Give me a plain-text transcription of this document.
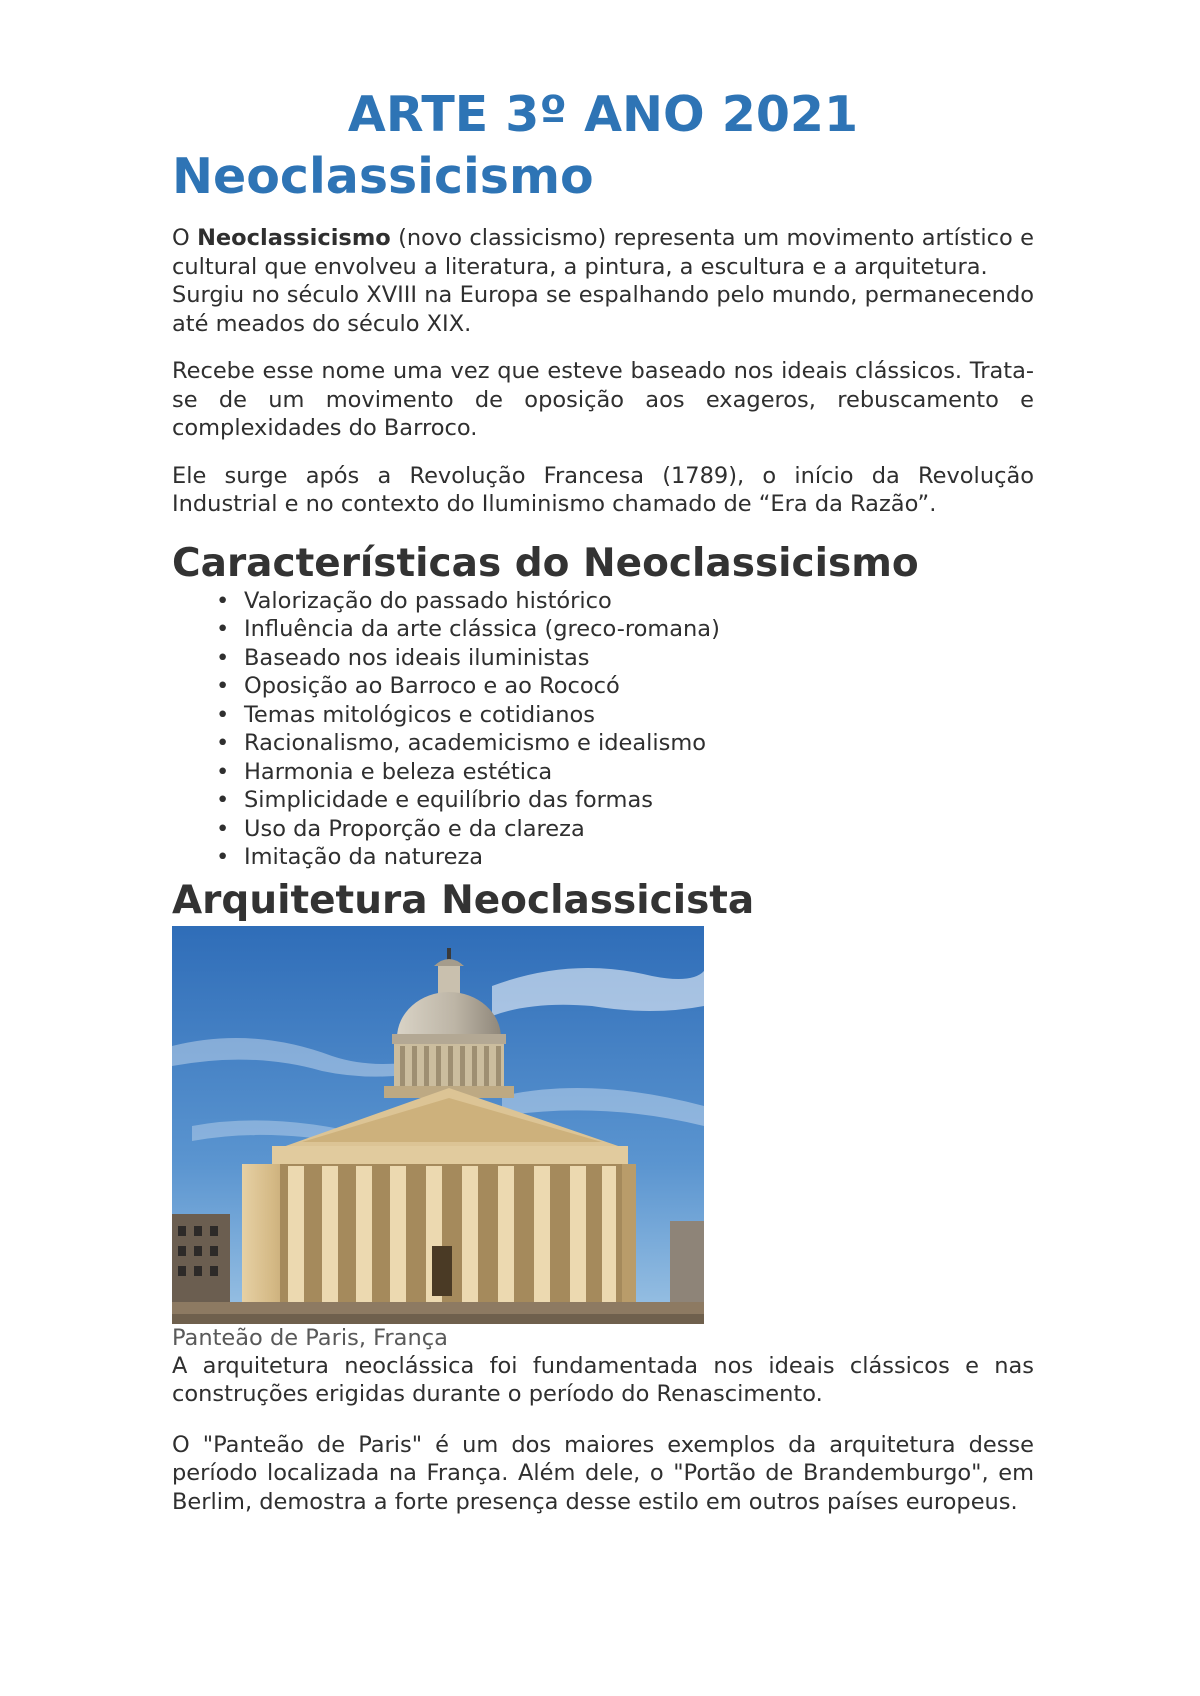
ARTE 3º ANO 2021
Neoclassicismo

O Neoclassicismo (novo classicismo) representa um movimento artístico e cultural que envolveu a literatura, a pintura, a escultura e a arquitetura.

Surgiu no século XVIII na Europa se espalhando pelo mundo, permanecendo até meados do século XIX.

Recebe esse nome uma vez que esteve baseado nos ideais clássicos. Trata-se de um movimento de oposição aos exageros, rebuscamento e complexidades do Barroco.

Ele surge após a Revolução Francesa (1789), o início da Revolução Industrial e no contexto do Iluminismo chamado de “Era da Razão”.

Características do Neoclassicismo
• Valorização do passado histórico
• Influência da arte clássica (greco-romana)
• Baseado nos ideais iluministas
• Oposição ao Barroco e ao Rococó
• Temas mitológicos e cotidianos
• Racionalismo, academicismo e idealismo
• Harmonia e beleza estética
• Simplicidade e equilíbrio das formas
• Uso da Proporção e da clareza
• Imitação da natureza
Arquitetura Neoclassicista

Panteão de Paris, França

A arquitetura neoclássica foi fundamentada nos ideais clássicos e nas construções erigidas durante o período do Renascimento.

O "Panteão de Paris" é um dos maiores exemplos da arquitetura desse período localizada na França. Além dele, o "Portão de Brandemburgo", em Berlim, demostra a forte presença desse estilo em outros países europeus.
